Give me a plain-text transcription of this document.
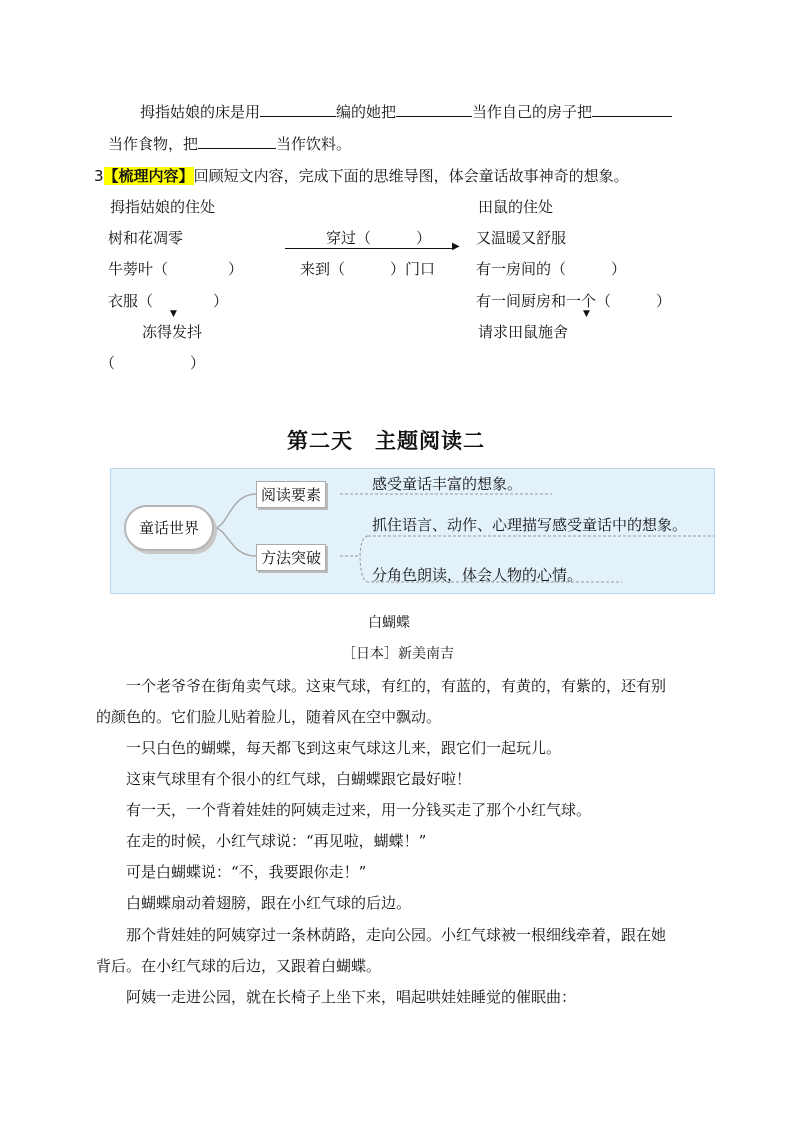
拇指姑娘的床是用	编的她把	当作自己的房子把
当作食物，把	当作饮料。
3【梳理内容】回顾短文内容，完成下面的思维导图，体会童话故事神奇的想象。
拇指姑娘的住处
树和花凋零
牛蒡叶（　　　　）
衣服（　　　　）
▼
冻得发抖
（　　　　　）
穿过（　　　） ▶
来到（　　　）门口
田鼠的住处
又温暖又舒服
有一房间的（　　　）
有一间厨房和一个（　　　）
▼
请求田鼠施舍
第二天　主题阅读二
童话世界
阅读要素
方法突破
感受童话丰富的想象。
抓住语言、动作、心理描写感受童话中的想象。
分角色朗读，体会人物的心情。
白蝴蝶
［日本］新美南吉
一个老爷爷在街角卖气球。这束气球，有红的，有蓝的，有黄的，有紫的，还有别
的颜色的。它们脸儿贴着脸儿，随着风在空中飘动。
一只白色的蝴蝶，每天都飞到这束气球这儿来，跟它们一起玩儿。
这束气球里有个很小的红气球，白蝴蝶跟它最好啦！
有一天，一个背着娃娃的阿姨走过来，用一分钱买走了那个小红气球。
在走的时候，小红气球说：“再见啦，蝴蝶！”
可是白蝴蝶说：“不，我要跟你走！”
白蝴蝶扇动着翅膀，跟在小红气球的后边。
那个背娃娃的阿姨穿过一条林荫路，走向公园。小红气球被一根细线牵着，跟在她
背后。在小红气球的后边，又跟着白蝴蝶。
阿姨一走进公园，就在长椅子上坐下来，唱起哄娃娃睡觉的催眠曲：
